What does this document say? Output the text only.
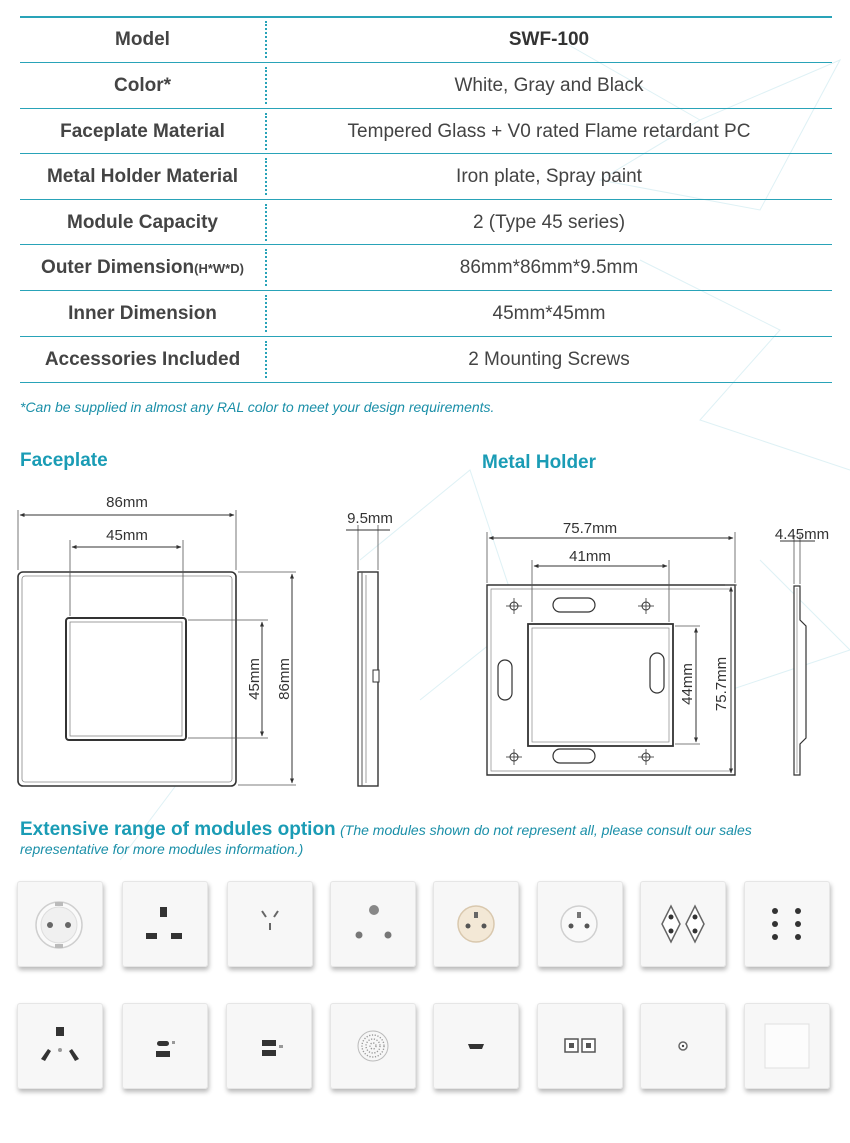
Model	SWF-100
Color*	White, Gray and Black
Faceplate Material	Tempered Glass + V0 rated Flame retardant PC
Metal Holder Material	Iron plate, Spray paint
Module Capacity	2 (Type 45 series)
Outer Dimension(H*W*D)	86mm*86mm*9.5mm
Inner Dimension	45mm*45mm
Accessories Included	2 Mounting Screws
*Can be supplied in almost any RAL color to meet your design requirements.
Faceplate	Metal Holder
86mm
45mm
45mm 86mm
9.5mm
75.7mm
41mm
44mm 75.7mm
4.45mm
Extensive range of modules option (The modules shown do not represent all, please consult our sales representative for more modules information.)
